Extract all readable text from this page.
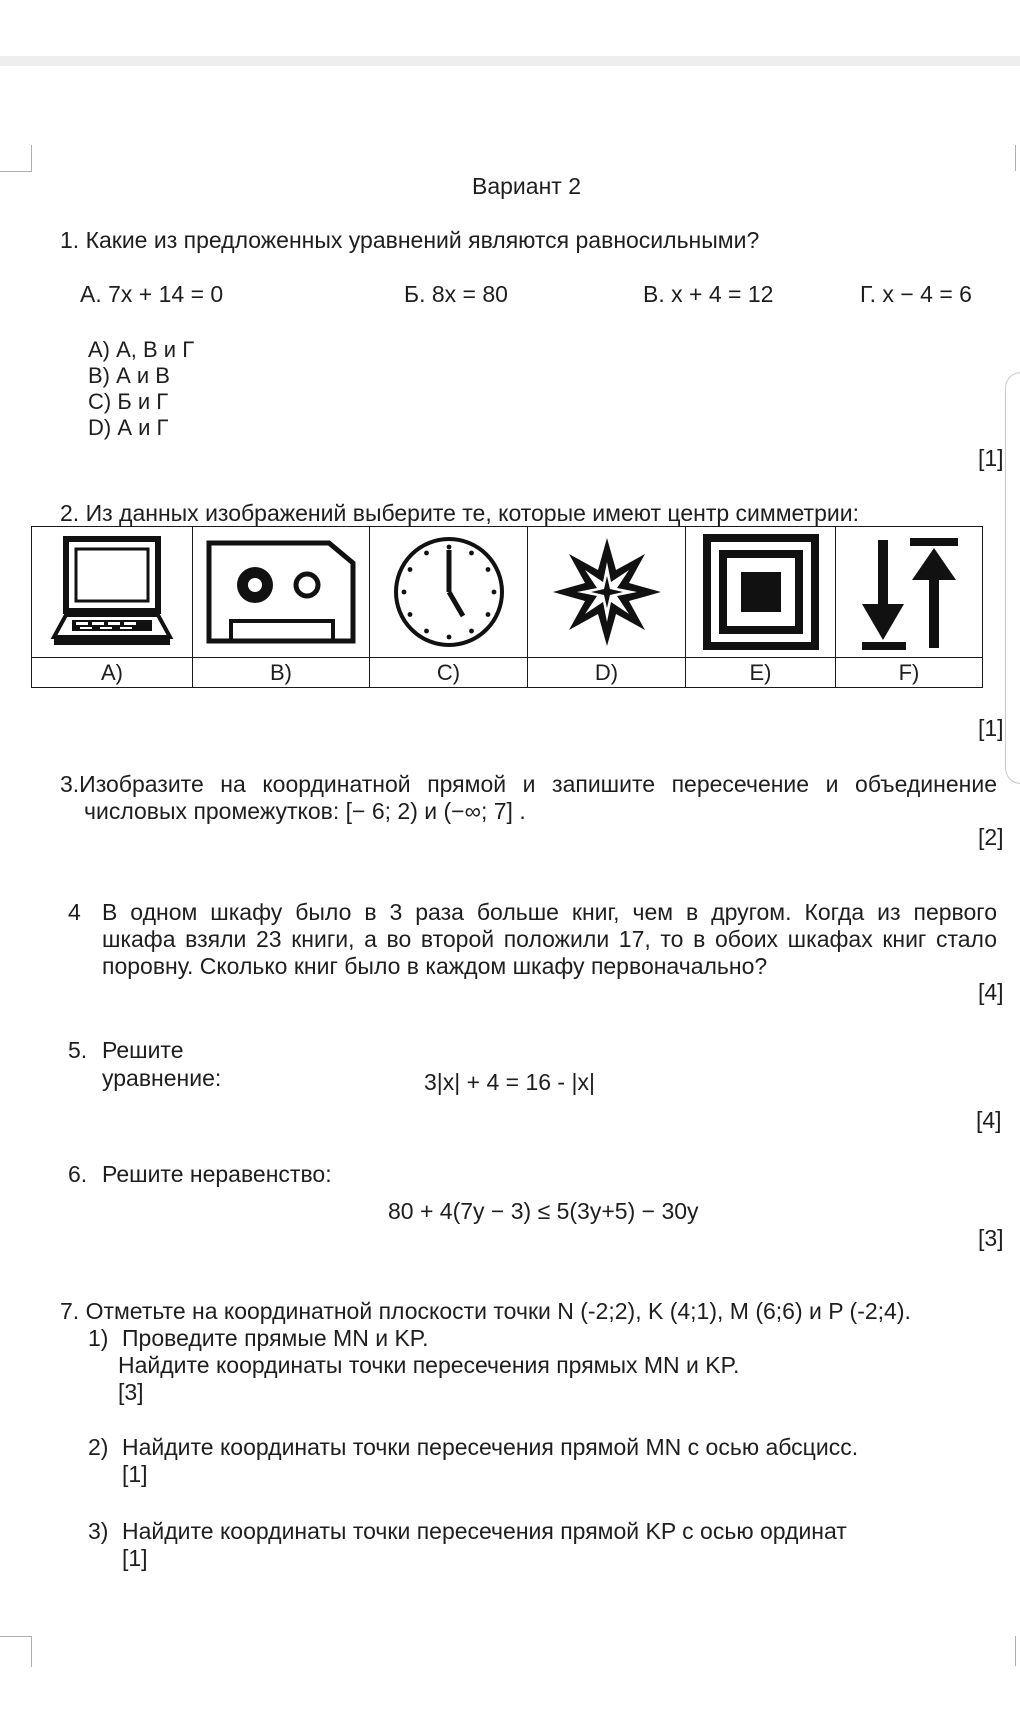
Вариант 2
1. Какие из предложенных уравнений являются равносильными?
А. 7х + 14 = 0	Б. 8x = 80	В. x + 4 = 12	Г. x − 4 = 6
A) А, В и Г
B) А и В
C) Б и Г
D) А и Г
[1]
2. Из данных изображений выберите те, которые имеют центр симметрии:

A)	B)	C)	D)	E)	F)
[1]
3.Изобразите на координатной прямой и запишите пересечение и объединение
числовых промежутков: [− 6; 2) и (−∞; 7] .
[2]
4 В одном шкафу было в 3 раза больше книг, чем в другом. Когда из первого
шкафа взяли 23 книги, а во второй положили 17, то в обоих шкафах книг стало
поровну. Сколько книг было в каждом шкафу первоначально?
[4]
5. Решите
уравнение:	3|x| + 4 = 16 - |x|
[4]
6. Решите неравенство:
80 + 4(7у − 3) ≤ 5(3у+5) − 30у
[3]
7. Отметьте на координатной плоскости точки N (-2;2), K (4;1), M (6;6) и P (-2;4).
1) Проведите прямые MN и KP.
Найдите координаты точки пересечения прямых MN и KP.
[3]
2) Найдите координаты точки пересечения прямой MN с осью абсцисс.
[1]
3) Найдите координаты точки пересечения прямой KP с осью ординат
[1]
